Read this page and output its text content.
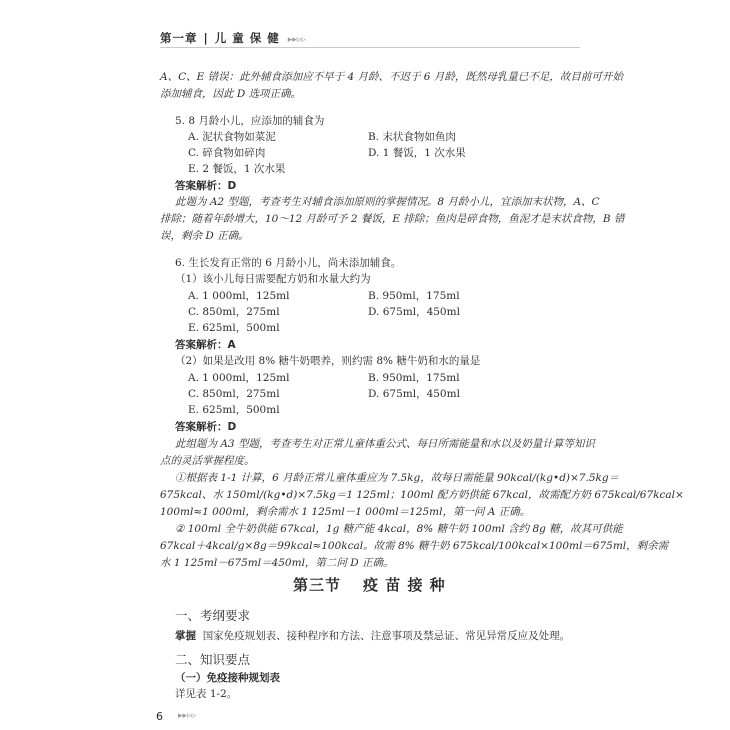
第一章 | 儿 童 保 健 ▸▸▹▹
A、C、E 错误：此外辅食添加应不早于 4 月龄、不迟于 6 月龄，既然母乳量已不足，故目前可开始
添加辅食，因此 D 选项正确。
5. 8 月龄小儿，应添加的辅食为
A. 泥状食物如菜泥	B. 末状食物如鱼肉
C. 碎食物如碎肉	D. 1 餐饭，1 次水果
E. 2 餐饭，1 次水果
答案解析：D
此题为 A2 型题，考查考生对辅食添加原则的掌握情况。8 月龄小儿，宜添加末状物，A、C
排除；随着年龄增大，10～12 月龄可予 2 餐饭，E 排除；鱼肉是碎食物，鱼泥才是末状食物，B 错
误，剩余 D 正确。
6. 生长发育正常的 6 月龄小儿，尚未添加辅食。
（1）该小儿每日需要配方奶和水量大约为
A. 1 000ml，125ml	B. 950ml，175ml
C. 850ml，275ml	D. 675ml，450ml
E. 625ml，500ml
答案解析：A
（2）如果是改用 8% 糖牛奶喂养，则约需 8% 糖牛奶和水的量是
A. 1 000ml，125ml	B. 950ml，175ml
C. 850ml，275ml	D. 675ml，450ml
E. 625ml，500ml
答案解析：D
此组题为 A3 型题，考查考生对正常儿童体重公式、每日所需能量和水以及奶量计算等知识
点的灵活掌握程度。
①根据表 1-1 计算，6 月龄正常儿童体重应为 7.5kg，故每日需能量 90kcal/(kg•d)×7.5kg＝
675kcal、水 150ml/(kg•d)×7.5kg＝1 125ml；100ml 配方奶供能 67kcal，故需配方奶 675kcal/67kcal×
100ml≈1 000ml，剩余需水 1 125ml－1 000ml＝125ml，第一问 A 正确。
② 100ml 全牛奶供能 67kcal，1g 糖产能 4kcal，8% 糖牛奶 100ml 含约 8g 糖，故其可供能
67kcal＋4kcal/g×8g＝99kcal≈100kcal。故需 8% 糖牛奶 675kcal/100kcal×100ml＝675ml，剩余需
水 1 125ml－675ml＝450ml，第二问 D 正确。
第三节 疫 苗 接 种
一、考纲要求
掌握 国家免疫规划表、接种程序和方法、注意事项及禁忌证、常见异常反应及处理。
二、知识要点
（一）免疫接种规划表
详见表 1-2。
6 ▸▸▹▹
